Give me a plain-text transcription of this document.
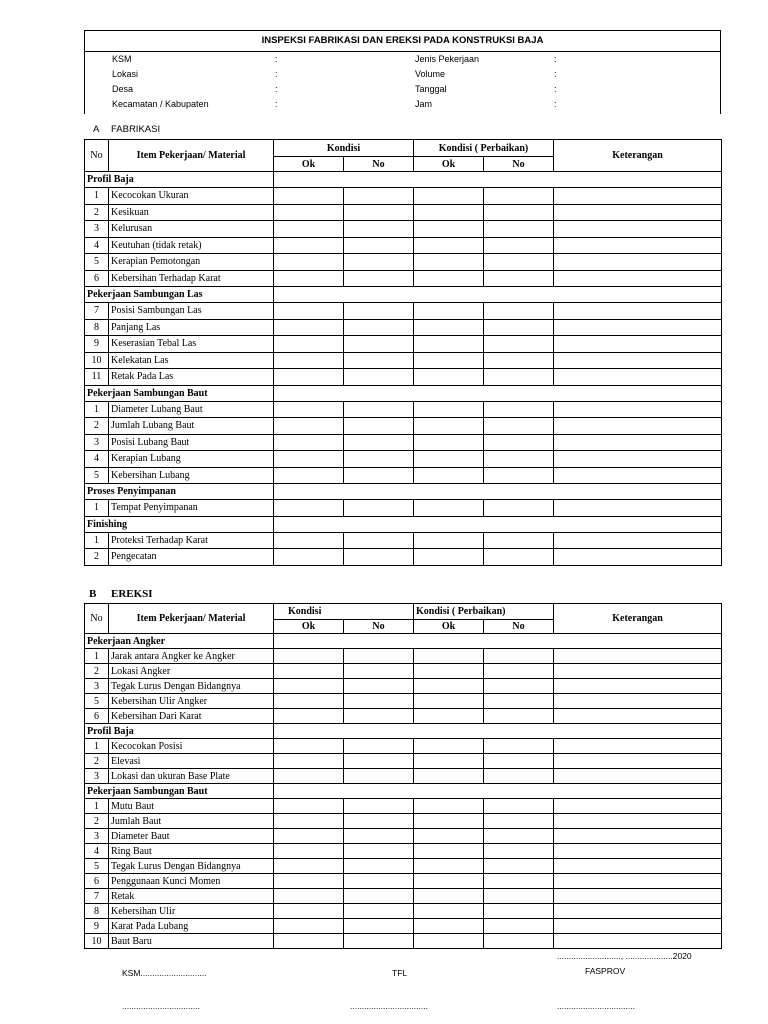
INSPEKSI FABRIKASI DAN EREKSI PADA KONSTRUKSI BAJA
KSM	:	Jenis Pekerjaan	:
Lokasi	:	Volume	:
Desa	:	Tanggal	:
Kecamatan / Kabupaten	:	Jam	:
A FABRIKASI
No	Item Pekerjaan/ Material	Kondisi		Kondisi ( Perbaikan)		Keterangan
		Ok	No	Ok	No	
Profil Baja						
1	Kecocokan Ukuran					
2	Kesikuan					
3	Kelurusan					
4	Keutuhan (tidak retak)					
5	Kerapian Pemotongan					
6	Kebersihan Terhadap Karat					
Pekerjaan Sambungan Las						
7	Posisi Sambungan Las					
8	Panjang Las					
9	Keserasian Tebal Las					
10	Kelekatan Las					
11	Retak Pada Las					
Pekerjaan Sambungan Baut						
1	Diameter Lubang Baut					
2	Jumlah Lubang Baut					
3	Posisi Lubang Baut					
4	Kerapian Lubang					
5	Kebersihan Lubang					
Proses Penyimpanan						
1	Tempat Penyimpanan					
Finishing						
1	Proteksi Terhadap Karat					
2	Pengecatan					
B EREKSI
No	Item Pekerjaan/ Material	Kondisi		Kondisi ( Perbaikan)		Keterangan
		Ok	No	Ok	No	
Pekerjaan Angker						
1	Jarak antara Angker ke Angker					
2	Lokasi Angker					
3	Tegak Lurus Dengan Bidangnya					
5	Kebersihan Ulir Angker					
6	Kebersihan Dari Karat					
Profil Baja						
1	Kecocokan Posisi					
2	Elevasi					
3	Lokasi dan ukuran Base Plate					
Pekerjaan Sambungan Baut						
1	Mutu Baut					
2	Jumlah Baut					
3	Diameter Baut					
4	Ring Baut					
5	Tegak Lurus Dengan Bidangnya					
6	Penggunaan Kunci Momen					
7	Retak					
8	Kebersihan Ulir					
9	Karat Pada Lubang					
10	Baut Baru					
..........................., ....................2020
KSM............................	TFL	FASPROV
.................................	.................................	.................................
